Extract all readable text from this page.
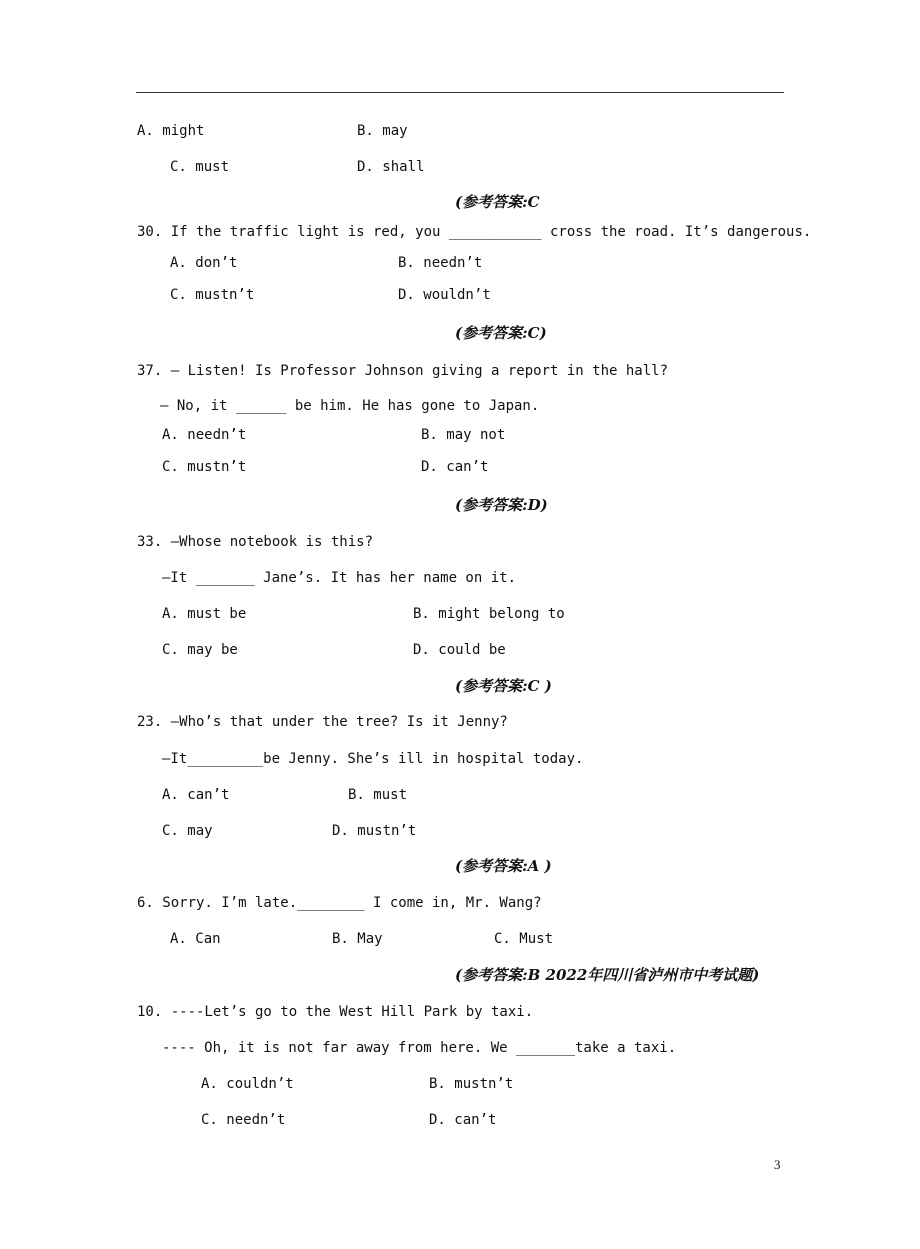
A. might	B. may
C. must	D. shall
(参考答案:C
30. If the traffic light is red, you ___________ cross the road. It’s dangerous.
A. don’t	B. needn’t
C. mustn’t	D. wouldn’t
(参考答案:C)
37. — Listen! Is Professor Johnson giving a report in the hall?
— No, it ______ be him. He has gone to Japan.
A. needn’t	B. may not
C. mustn’t	D. can’t
(参考答案:D)
33. —Whose notebook is this?
—It _______ Jane’s. It has her name on it.
A. must be	B. might belong to
C. may be	D. could be
(参考答案:C )
23. —Who’s that under the tree? Is it Jenny?
—It_________be Jenny. She’s ill in hospital today.
A. can’t	B. must
C. may	D. mustn’t
(参考答案:A )
6. Sorry. I’m late.________ I come in, Mr. Wang?
A. Can	B. May	C. Must
(参考答案:B 2022年四川省泸州市中考试题)
10. ----Let’s go to the West Hill Park by taxi.
---- Oh, it is not far away from here. We _______take a taxi.
A. couldn’t	B. mustn’t
C. needn’t	D. can’t
3
